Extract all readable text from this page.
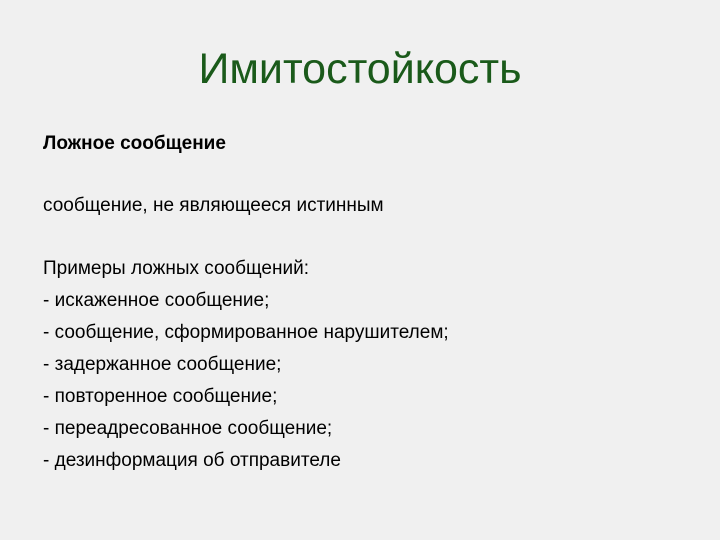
Имитостойкость

Ложное сообщение

сообщение, не являющееся истинным

Примеры ложных сообщений:
- искаженное сообщение;
- сообщение, сформированное нарушителем;
- задержанное сообщение;
- повторенное сообщение;
- переадресованное сообщение;
- дезинформация об отправителе
